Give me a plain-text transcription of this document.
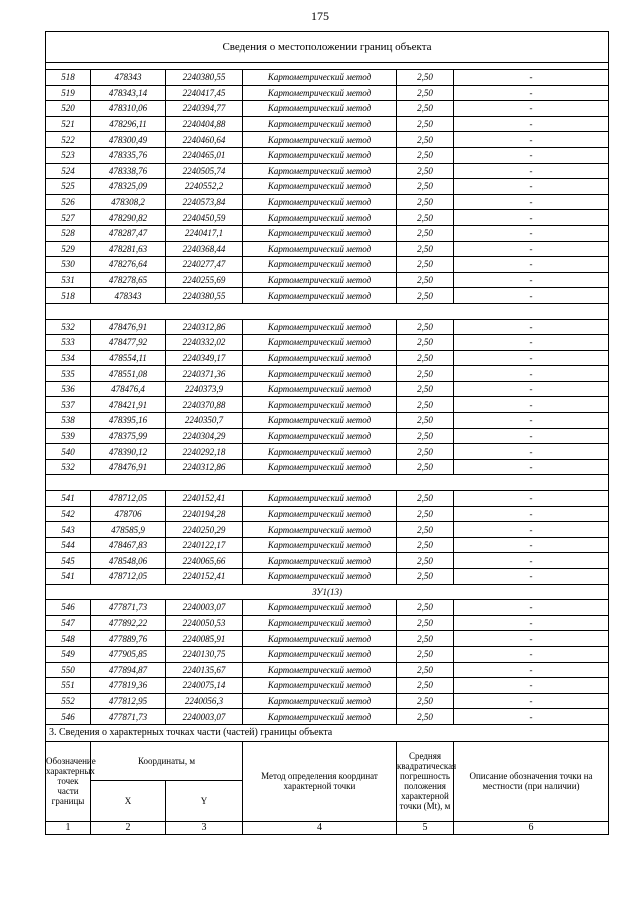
175
Сведения о местоположении границ объекта					

518	478343	2240380,55	Картометрический метод	2,50	-
519	478343,14	2240417,45	Картометрический метод	2,50	-
520	478310,06	2240394,77	Картометрический метод	2,50	-
521	478296,11	2240404,88	Картометрический метод	2,50	-
522	478300,49	2240460,64	Картометрический метод	2,50	-
523	478335,76	2240465,01	Картометрический метод	2,50	-
524	478338,76	2240505,74	Картометрический метод	2,50	-
525	478325,09	2240552,2	Картометрический метод	2,50	-
526	478308,2	2240573,84	Картометрический метод	2,50	-
527	478290,82	2240450,59	Картометрический метод	2,50	-
528	478287,47	2240417,1	Картометрический метод	2,50	-
529	478281,63	2240368,44	Картометрический метод	2,50	-
530	478276,64	2240277,47	Картометрический метод	2,50	-
531	478278,65	2240255,69	Картометрический метод	2,50	-
518	478343	2240380,55	Картометрический метод	2,50	-

532	478476,91	2240312,86	Картометрический метод	2,50	-
533	478477,92	2240332,02	Картометрический метод	2,50	-
534	478554,11	2240349,17	Картометрический метод	2,50	-
535	478551,08	2240371,36	Картометрический метод	2,50	-
536	478476,4	2240373,9	Картометрический метод	2,50	-
537	478421,91	2240370,88	Картометрический метод	2,50	-
538	478395,16	2240350,7	Картометрический метод	2,50	-
539	478375,99	2240304,29	Картометрический метод	2,50	-
540	478390,12	2240292,18	Картометрический метод	2,50	-
532	478476,91	2240312,86	Картометрический метод	2,50	-

541	478712,05	2240152,41	Картометрический метод	2,50	-
542	478706	2240194,28	Картометрический метод	2,50	-
543	478585,9	2240250,29	Картометрический метод	2,50	-
544	478467,83	2240122,17	Картометрический метод	2,50	-
545	478548,06	2240065,66	Картометрический метод	2,50	-
541	478712,05	2240152,41	Картометрический метод	2,50	-
ЗУ1(13)					
546	477871,73	2240003,07	Картометрический метод	2,50	-
547	477892,22	2240050,53	Картометрический метод	2,50	-
548	477889,76	2240085,91	Картометрический метод	2,50	-
549	477905,85	2240130,75	Картометрический метод	2,50	-
550	477894,87	2240135,67	Картометрический метод	2,50	-
551	477819,36	2240075,14	Картометрический метод	2,50	-
552	477812,95	2240056,3	Картометрический метод	2,50	-
546	477871,73	2240003,07	Картометрический метод	2,50	-
3. Сведения о характерных точках части (частей) границы объекта					
Обозначение характерных точек части границы	Координаты, м		Метод определения координат характерной точки	Средняя квадратическая погрешность положения характерной точки (Mt), м	Описание обозначения точки на местности (при наличии)
	X	Y			
1	2	3	4	5	6
